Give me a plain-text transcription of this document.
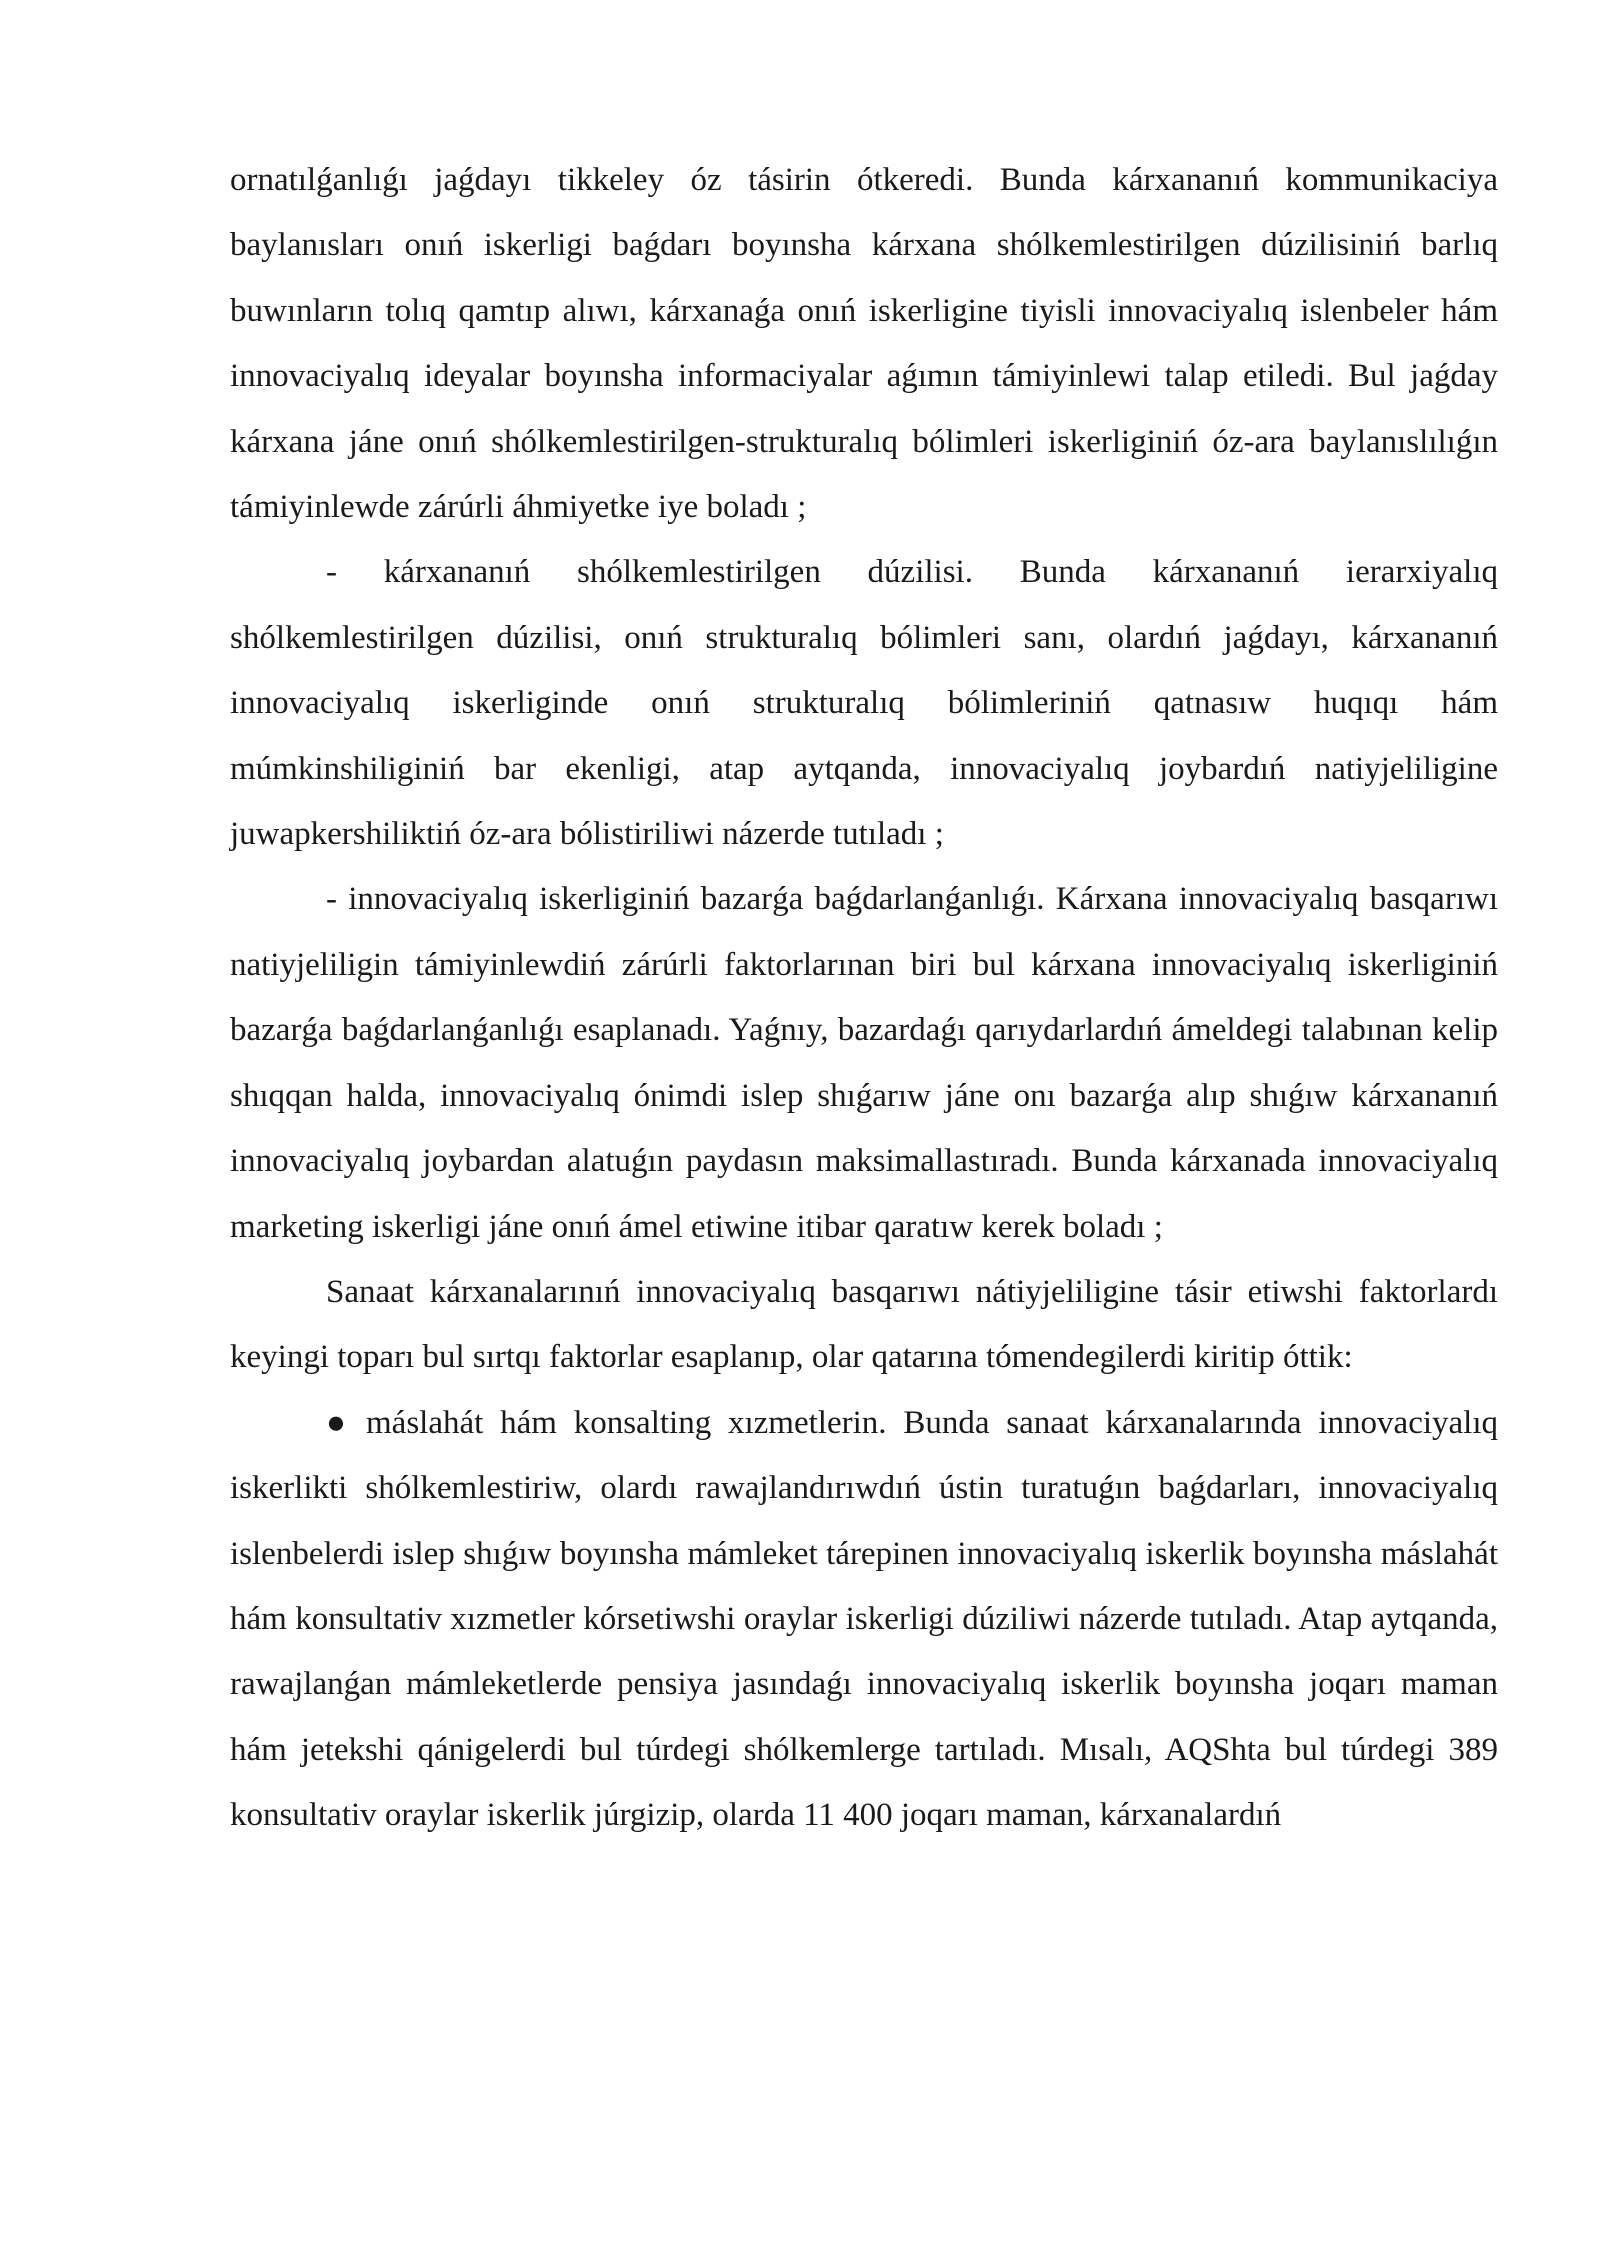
ornatılǵanlıǵı jaǵdayı tikkeley óz tásirin ótkeredi. Bunda kárxananıń kommunikaciya baylanısları onıń iskerligi baǵdarı boyınsha kárxana shólkemlestirilgen dúzilisiniń barlıq buwınların tolıq qamtıp alıwı, kárxanaǵa onıń iskerligine tiyisli innovaciyalıq islenbeler hám innovaciyalıq ideyalar boyınsha informaciyalar aǵımın támiyinlewi talap etiledi. Bul jaǵday kárxana jáne onıń shólkemlestirilgen-strukturalıq bólimleri iskerliginiń óz-ara baylanıslılıǵın támiyinlewde zárúrli áhmiyetke iye boladı ;

- kárxananıń shólkemlestirilgen dúzilisi. Bunda kárxananıń ierarxiyalıq shólkemlestirilgen dúzilisi, onıń strukturalıq bólimleri sanı, olardıń jaǵdayı, kárxananıń innovaciyalıq iskerliginde onıń strukturalıq bólimleriniń qatnasıw huqıqı hám múmkinshiliginiń bar ekenligi, atap aytqanda, innovaciyalıq joybardıń natiyjeliligine juwapkershiliktiń óz-ara bólistiriliwi názerde tutıladı ;

- innovaciyalıq iskerliginiń bazarǵa baǵdarlanǵanlıǵı. Kárxana innovaciyalıq basqarıwı natiyjeliligin támiyinlewdiń zárúrli faktorlarınan biri bul kárxana innovaciyalıq iskerliginiń bazarǵa baǵdarlanǵanlıǵı esaplanadı. Yaǵnıy, bazardaǵı qarıydarlardıń ámeldegi talabınan kelip shıqqan halda, innovaciyalıq ónimdi islep shıǵarıw jáne onı bazarǵa alıp shıǵıw kárxananıń innovaciyalıq joybardan alatuǵın paydasın maksimallastıradı. Bunda kárxanada innovaciyalıq marketing iskerligi jáne onıń ámel etiwine itibar qaratıw kerek boladı ;

Sanaat kárxanalarınıń innovaciyalıq basqarıwı nátiyjeliligine tásir etiwshi faktorlardı keyingi toparı bul sırtqı faktorlar esaplanıp, olar qatarına tómendegilerdi kiritip óttik:

● máslahát hám konsalting xızmetlerin. Bunda sanaat kárxanalarında innovaciyalıq iskerlikti shólkemlestiriw, olardı rawajlandırıwdıń ústin turatuǵın baǵdarları, innovaciyalıq islenbelerdi islep shıǵıw boyınsha mámleket tárepinen innovaciyalıq iskerlik boyınsha máslahát hám konsultativ xızmetler kórsetiwshi oraylar iskerligi dúziliwi názerde tutıladı. Atap aytqanda, rawajlanǵan mámleketlerde pensiya jasındaǵı innovaciyalıq iskerlik boyınsha joqarı maman hám jetekshi qánigelerdi bul túrdegi shólkemlerge tartıladı. Mısalı, AQShta bul túrdegi 389 konsultativ oraylar iskerlik júrgizip, olarda 11 400 joqarı maman, kárxanalardıń
